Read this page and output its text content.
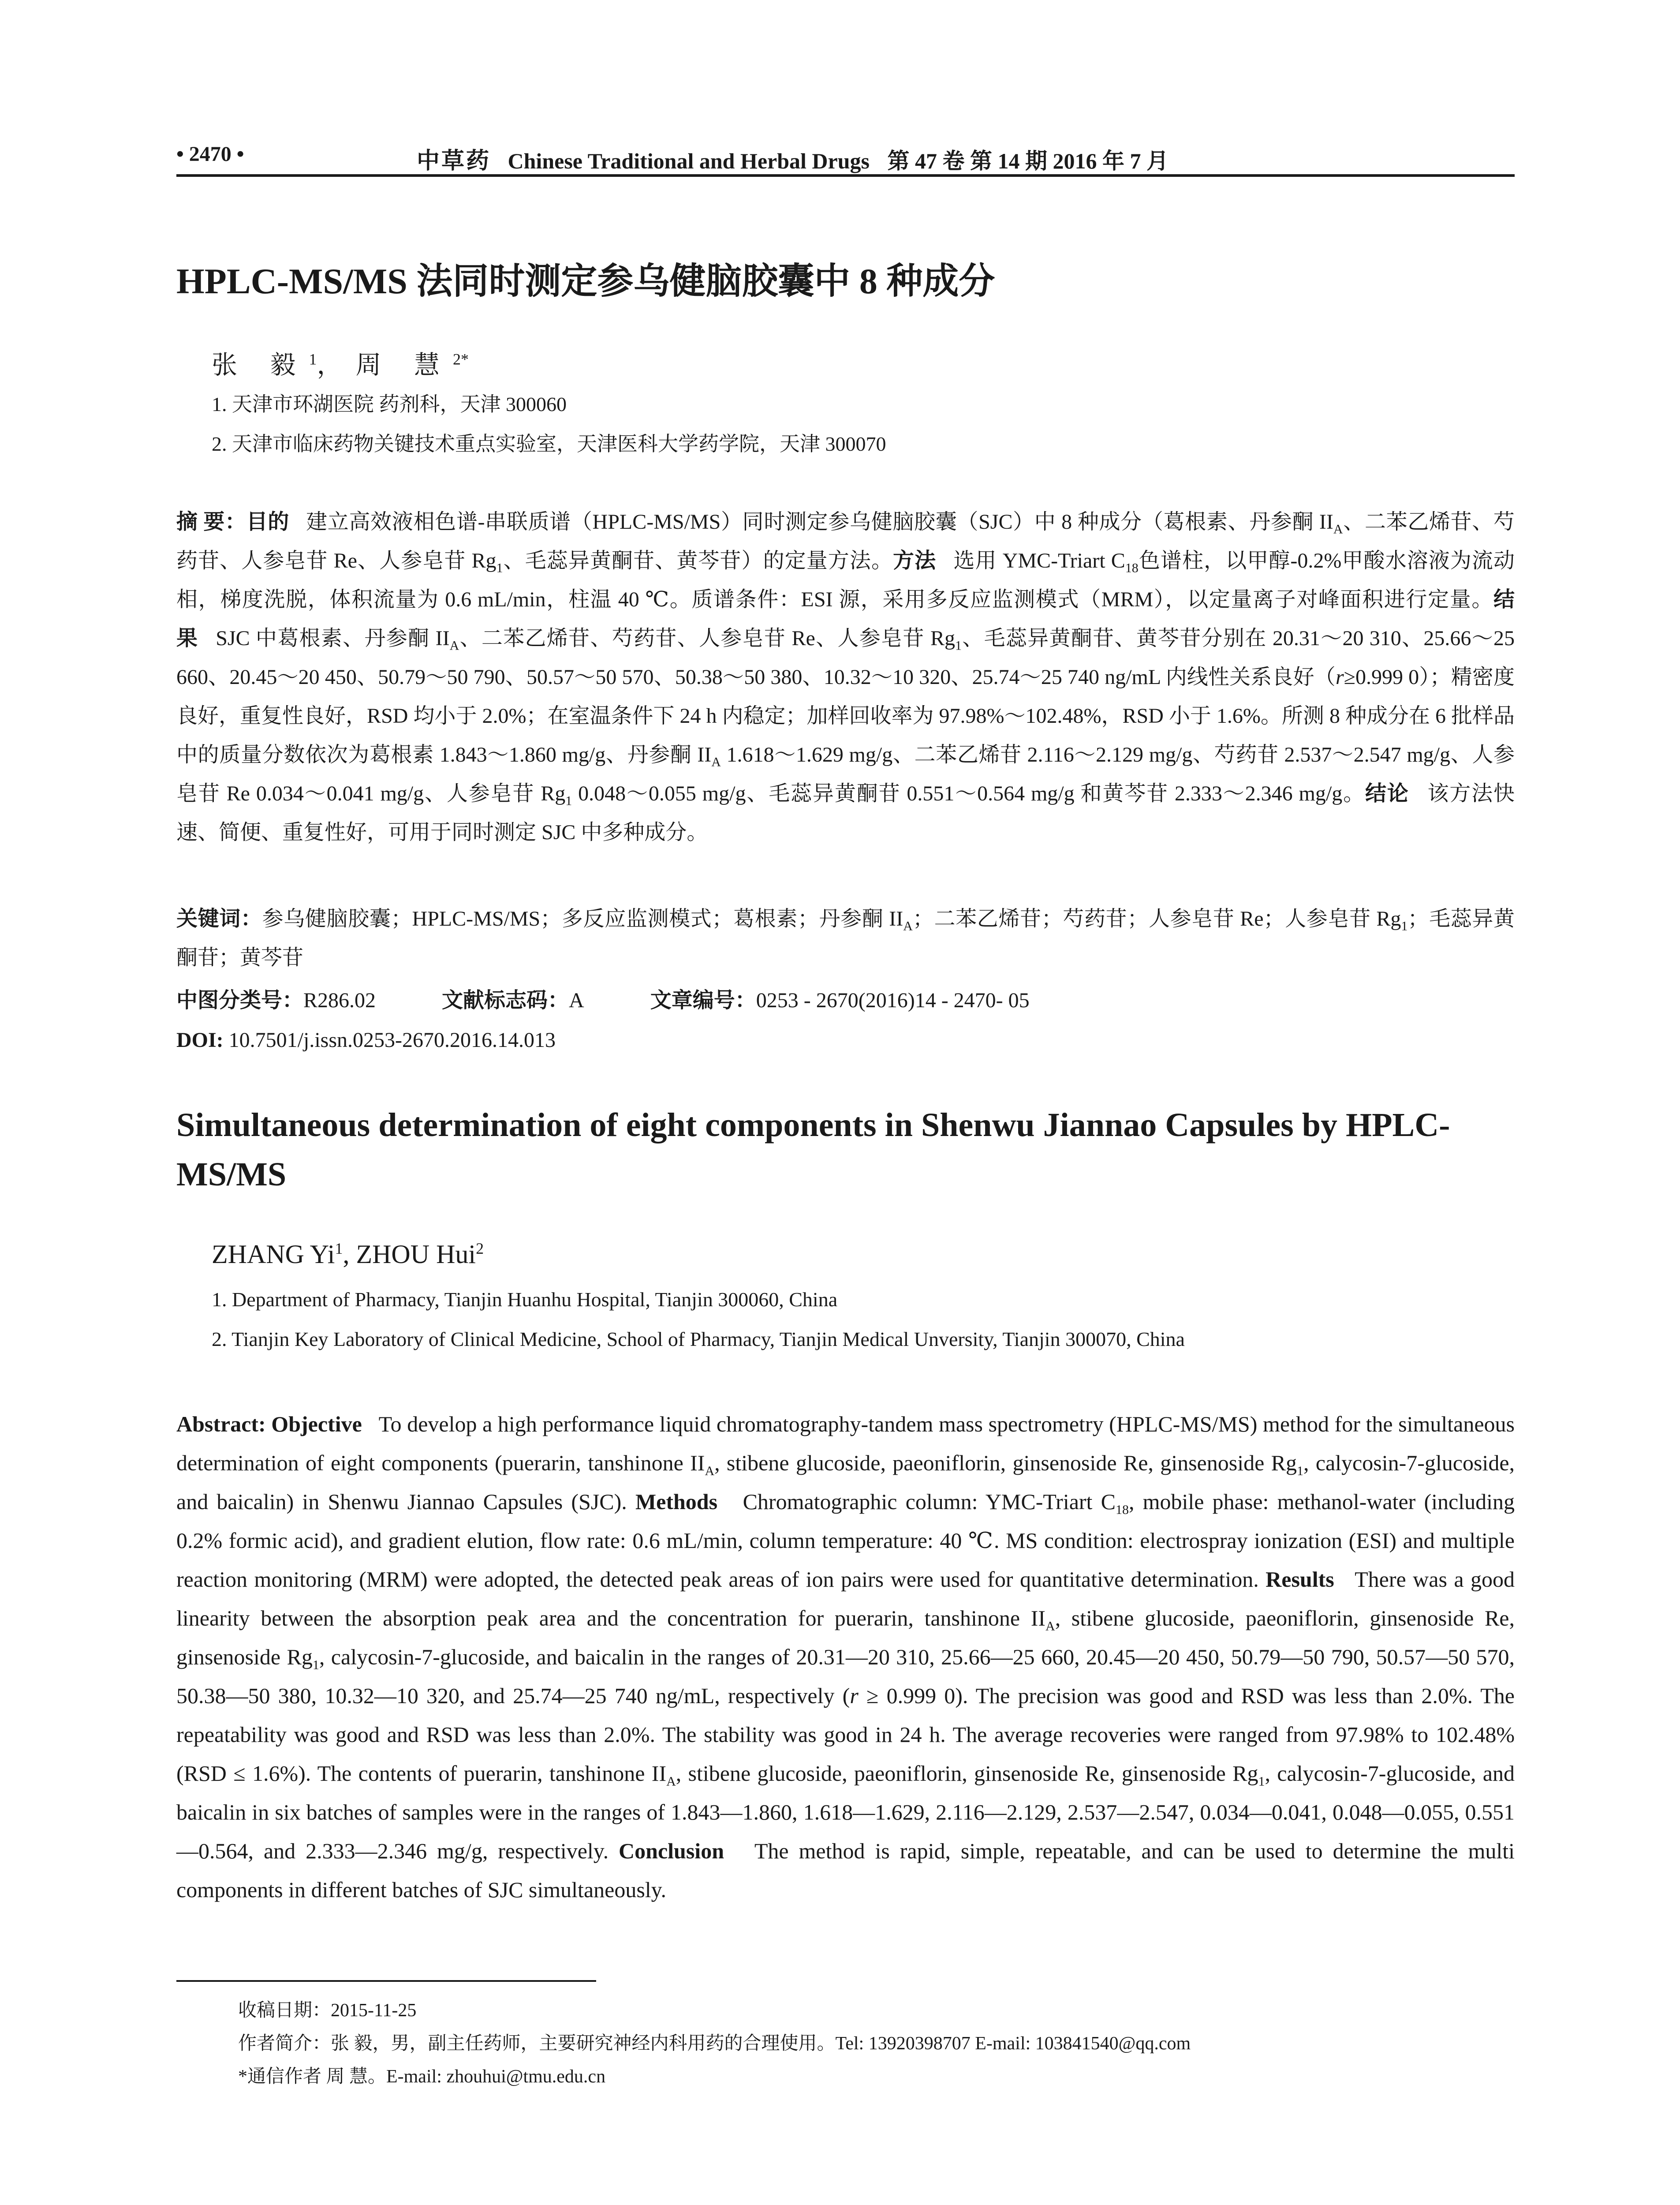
• 2470 •	中草药 Chinese Traditional and Herbal Drugs 第 47 卷 第 14 期 2016 年 7 月
HPLC-MS/MS 法同时测定参乌健脑胶囊中 8 种成分
张 毅$^1$，周 慧$^{2*}$
1. 天津市环湖医院 药剂科，天津 300060
2. 天津市临床药物关键技术重点实验室，天津医科大学药学院，天津 300070
摘 要：目的 建立高效液相色谱-串联质谱（HPLC-MS/MS）同时测定参乌健脑胶囊（SJC）中 8 种成分（葛根素、丹参酮 $II_A$、二苯乙烯苷、芍药苷、人参皂苷 Re、人参皂苷 $Rg_1$、毛蕊异黄酮苷、黄芩苷）的定量方法。方法 选用 YMC-Triart $C_{18}$色谱柱，以甲醇-0.2%甲酸水溶液为流动相，梯度洗脱，体积流量为 0.6 mL/min，柱温 40 ℃。质谱条件：ESI 源，采用多反应监测模式（MRM），以定量离子对峰面积进行定量。结果 SJC 中葛根素、丹参酮 $II_A$、二苯乙烯苷、芍药苷、人参皂苷 Re、人参皂苷 $Rg_1$、毛蕊异黄酮苷、黄芩苷分别在 20.31～20 310、25.66～25 660、20.45～20 450、50.79～50 790、50.57～50 570、50.38～50 380、10.32～10 320、25.74～25 740 ng/mL 内线性关系良好（r≥0.999 0）；精密度良好，重复性良好，RSD 均小于 2.0%；在室温条件下 24 h 内稳定；加样回收率为 97.98%～102.48%，RSD 小于 1.6%。所测 8 种成分在 6 批样品中的质量分数依次为葛根素 1.843～1.860 mg/g、丹参酮 $II_A$ 1.618～1.629 mg/g、二苯乙烯苷 2.116～2.129 mg/g、芍药苷 2.537～2.547 mg/g、人参皂苷 Re 0.034～0.041 mg/g、人参皂苷 $Rg_1$ 0.048～0.055 mg/g、毛蕊异黄酮苷 0.551～0.564 mg/g 和黄芩苷 2.333～2.346 mg/g。结论 该方法快速、简便、重复性好，可用于同时测定 SJC 中多种成分。
关键词：参乌健脑胶囊；HPLC-MS/MS；多反应监测模式；葛根素；丹参酮 $II_A$；二苯乙烯苷；芍药苷；人参皂苷 Re；人参皂苷 $Rg_1$；毛蕊异黄酮苷；黄芩苷
中图分类号：R286.02	文献标志码：A	文章编号：0253 - 2670(2016)14 - 2470- 05
DOI: 10.7501/j.issn.0253-2670.2016.14.013
Simultaneous determination of eight components in Shenwu Jiannao Capsules by HPLC-MS/MS
ZHANG Yi$^1$, ZHOU Hui$^2$
1. Department of Pharmacy, Tianjin Huanhu Hospital, Tianjin 300060, China
2. Tianjin Key Laboratory of Clinical Medicine, School of Pharmacy, Tianjin Medical Unversity, Tianjin 300070, China
Abstract: Objective To develop a high performance liquid chromatography-tandem mass spectrometry (HPLC-MS/MS) method for the simultaneous determination of eight components (puerarin, tanshinone $II_A$, stibene glucoside, paeoniflorin, ginsenoside Re, ginsenoside $Rg_1$, calycosin-7-glucoside, and baicalin) in Shenwu Jiannao Capsules (SJC). Methods Chromatographic column: YMC-Triart $C_{18}$, mobile phase: methanol-water (including 0.2% formic acid), and gradient elution, flow rate: 0.6 mL/min, column temperature: 40 ℃. MS condition: electrospray ionization (ESI) and multiple reaction monitoring (MRM) were adopted, the detected peak areas of ion pairs were used for quantitative determination. Results There was a good linearity between the absorption peak area and the concentration for puerarin, tanshinone $II_A$, stibene glucoside, paeoniflorin, ginsenoside Re, ginsenoside $Rg_1$, calycosin-7-glucoside, and baicalin in the ranges of 20.31—20 310, 25.66—25 660, 20.45—20 450, 50.79—50 790, 50.57—50 570, 50.38—50 380, 10.32—10 320, and 25.74—25 740 ng/mL, respectively (r ≥ 0.999 0). The precision was good and RSD was less than 2.0%. The repeatability was good and RSD was less than 2.0%. The stability was good in 24 h. The average recoveries were ranged from 97.98% to 102.48% (RSD ≤ 1.6%). The contents of puerarin, tanshinone $II_A$, stibene glucoside, paeoniflorin, ginsenoside Re, ginsenoside $Rg_1$, calycosin-7-glucoside, and baicalin in six batches of samples were in the ranges of 1.843—1.860, 1.618—1.629, 2.116—2.129, 2.537—2.547, 0.034—0.041, 0.048—0.055, 0.551—0.564, and 2.333—2.346 mg/g, respectively. Conclusion The method is rapid, simple, repeatable, and can be used to determine the multi components in different batches of SJC simultaneously.
收稿日期：2015-11-25
作者简介：张 毅，男，副主任药师，主要研究神经内科用药的合理使用。Tel: 13920398707 E-mail: 103841540@qq.com
*通信作者 周 慧。E-mail: zhouhui@tmu.edu.cn
